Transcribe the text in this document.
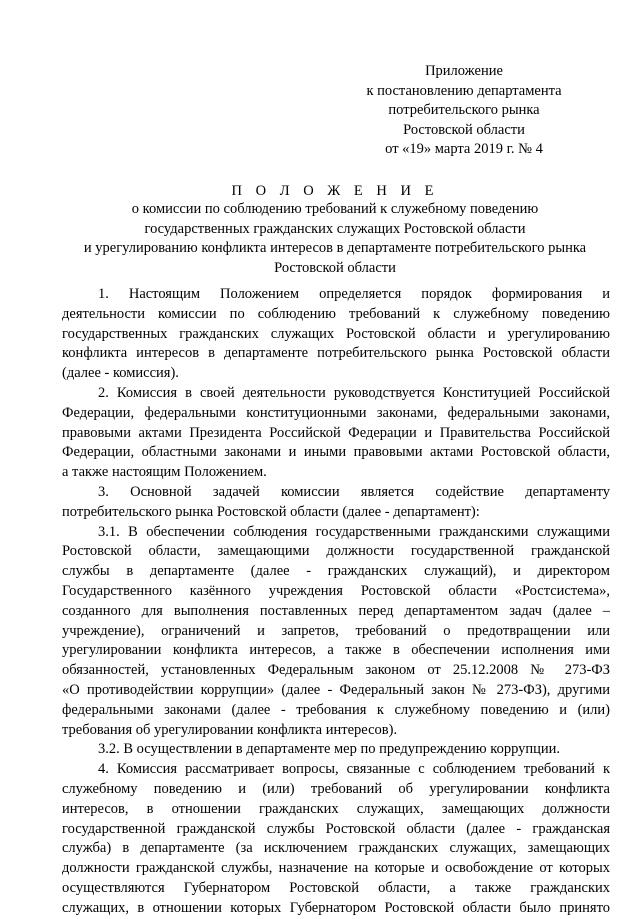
Приложение
к постановлению департамента
потребительского рынка
Ростовской области
от «19» марта 2019 г. № 4
П О Л О Ж Е Н И Е
о комиссии по соблюдению требований к служебному поведению
государственных гражданских служащих Ростовской области
и урегулированию конфликта интересов в департаменте потребительского рынка
Ростовской области
1. Настоящим Положением определяется порядок формирования и
деятельности комиссии по соблюдению требований к служебному поведению
государственных гражданских служащих Ростовской области и урегулированию
конфликта интересов в департаменте потребительского рынка Ростовской области
(далее - комиссия).
2. Комиссия в своей деятельности руководствуется Конституцией Российской
Федерации, федеральными конституционными законами, федеральными законами,
правовыми актами Президента Российской Федерации и Правительства Российской
Федерации, областными законами и иными правовыми актами Ростовской области,
а также настоящим Положением.
3. Основной задачей комиссии является содействие департаменту
потребительского рынка Ростовской области (далее - департамент):
3.1. В обеспечении соблюдения государственными гражданскими служащими
Ростовской области, замещающими должности государственной гражданской
службы в департаменте (далее - гражданских служащий), и директором
Государственного казённого учреждения Ростовской области «Ростсистема»,
созданного для выполнения поставленных перед департаментом задач (далее –
учреждение), ограничений и запретов, требований о предотвращении или
урегулировании конфликта интересов, а также в обеспечении исполнения ими
обязанностей, установленных Федеральным законом от 25.12.2008 № 273-ФЗ
«О противодействии коррупции» (далее - Федеральный закон № 273-ФЗ), другими
федеральными законами (далее - требования к служебному поведению и (или)
требования об урегулировании конфликта интересов).
3.2. В осуществлении в департаменте мер по предупреждению коррупции.
4. Комиссия рассматривает вопросы, связанные с соблюдением требований к
служебному поведению и (или) требований об урегулировании конфликта
интересов, в отношении гражданских служащих, замещающих должности
государственной гражданской службы Ростовской области (далее - гражданская
служба) в департаменте (за исключением гражданских служащих, замещающих
должности гражданской службы, назначение на которые и освобождение от которых
осуществляются Губернатором Ростовской области, а также гражданских
служащих, в отношении которых Губернатором Ростовской области было принято
